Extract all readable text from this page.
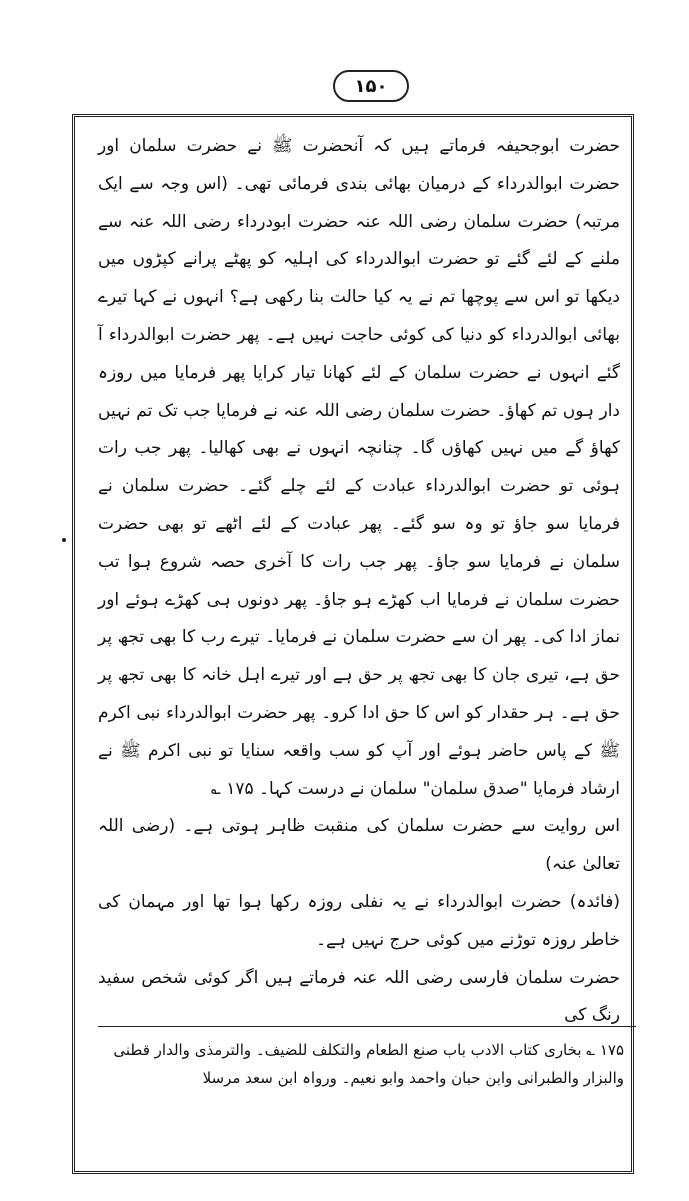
۱۵۰

حضرت ابوجحیفہ فرماتے ہیں کہ آنحضرت ﷺ نے حضرت سلمان اور حضرت ابوالدرداء کے درمیان بھائی بندی فرمائی تھی۔ (اس وجہ سے ایک مرتبہ) حضرت سلمان رضی اللہ عنہ حضرت ابودرداء رضی اللہ عنہ سے ملنے کے لئے گئے تو حضرت ابوالدرداء کی اہلیہ کو پھٹے پرانے کپڑوں میں دیکھا تو اس سے پوچھا تم نے یہ کیا حالت بنا رکھی ہے؟ انہوں نے کہا تیرے بھائی ابوالدرداء کو دنیا کی کوئی حاجت نہیں ہے۔ پھر حضرت ابوالدرداء آ گئے انہوں نے حضرت سلمان کے لئے کھانا تیار کرایا پھر فرمایا میں روزہ دار ہوں تم کھاؤ۔ حضرت سلمان رضی اللہ عنہ نے فرمایا جب تک تم نہیں کھاؤ گے میں نہیں کھاؤں گا۔ چنانچہ انہوں نے بھی کھالیا۔ پھر جب رات ہوئی تو حضرت ابوالدرداء عبادت کے لئے چلے گئے۔ حضرت سلمان نے فرمایا سو جاؤ تو وہ سو گئے۔ پھر عبادت کے لئے اٹھے تو بھی حضرت سلمان نے فرمایا سو جاؤ۔ پھر جب رات کا آخری حصہ شروع ہوا تب حضرت سلمان نے فرمایا اب کھڑے ہو جاؤ۔ پھر دونوں ہی کھڑے ہوئے اور نماز ادا کی۔ پھر ان سے حضرت سلمان نے فرمایا۔ تیرے رب کا بھی تجھ پر حق ہے، تیری جان کا بھی تجھ پر حق ہے اور تیرے اہل خانہ کا بھی تجھ پر حق ہے۔ ہر حقدار کو اس کا حق ادا کرو۔ پھر حضرت ابوالدرداء نبی اکرم ﷺ کے پاس حاضر ہوئے اور آپ کو سب واقعہ سنایا تو نبی اکرم ﷺ نے ارشاد فرمایا "صدق سلمان" سلمان نے درست کہا۔ ۱۷۵ ؎

اس روایت سے حضرت سلمان کی منقبت ظاہر ہوتی ہے۔ (رضی اللہ تعالیٰ عنہ)

(فائدہ) حضرت ابوالدرداء نے یہ نفلی روزہ رکھا ہوا تھا اور مہمان کی خاطر روزہ توڑنے میں کوئی حرج نہیں ہے۔

حضرت سلمان فارسی رضی اللہ عنہ فرماتے ہیں اگر کوئی شخص سفید رنگ کی

۱۷۵ ؎ بخاری کتاب الادب باب صنع الطعام والتکلف للضیف۔ والترمذی والدار قطنی والبزار والطبرانی وابن حبان واحمد وابو نعیم۔ ورواہ ابن سعد مرسلا
